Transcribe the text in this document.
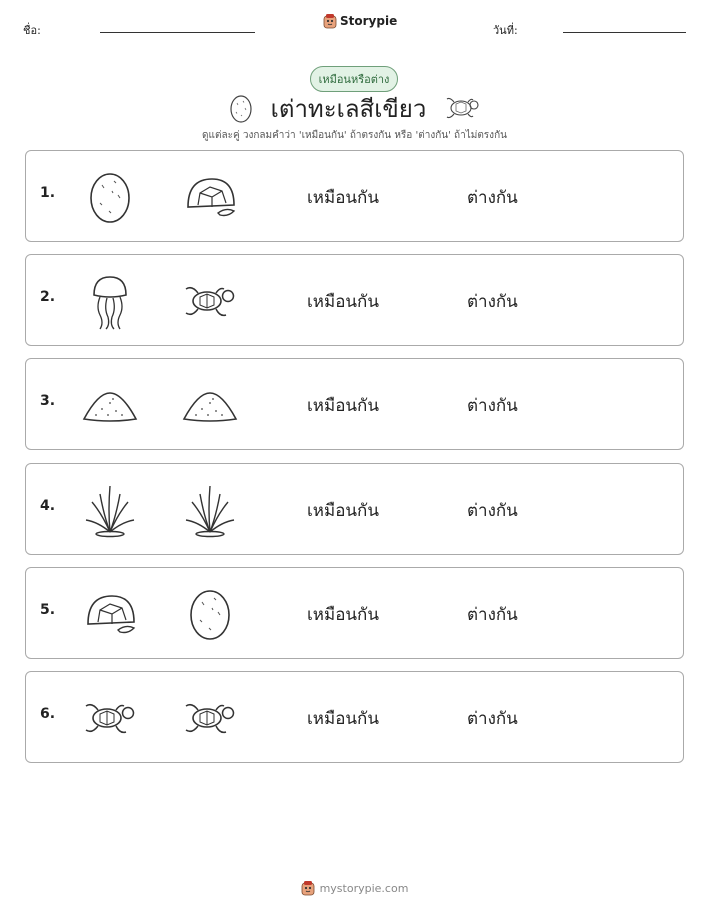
ชื่อ:
Storypie
วันที่:
เหมือนหรือต่าง
เต่าทะเลสีเขียว
ดูแต่ละคู่ วงกลมคำว่า 'เหมือนกัน' ถ้าตรงกัน หรือ 'ต่างกัน' ถ้าไม่ตรงกัน
1.	เหมือนกัน	ต่างกัน
2.	เหมือนกัน	ต่างกัน
3.	เหมือนกัน	ต่างกัน
4.	เหมือนกัน	ต่างกัน
5.	เหมือนกัน	ต่างกัน
6.	เหมือนกัน	ต่างกัน
mystorypie.com
